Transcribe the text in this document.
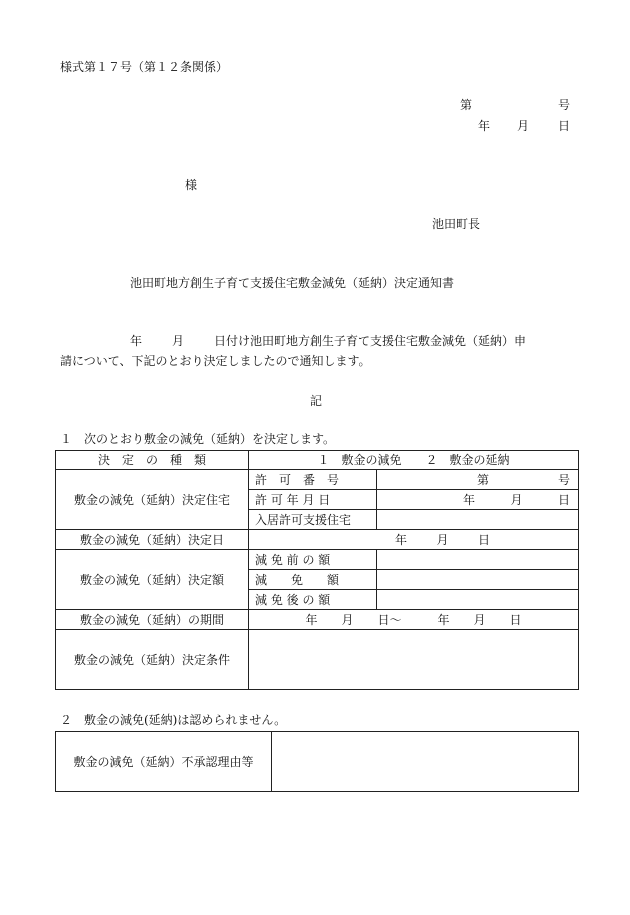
様式第１７号（第１２条関係）
第	号
年 月 日
様
池田町長
池田町地方創生子育て支援住宅敷金減免（延納）決定通知書
年 月 日付け池田町地方創生子育て支援住宅敷金減免（延納）申
請について、下記のとおり決定しましたので通知します。
記
１　次のとおり敷金の減免（延納）を決定します。
決　定　の　種　類	１　敷金の減免　　２　敷金の延納	
敷金の減免（延納）決定住宅	許　可　番　号	第 号

	許 可 年 月 日	年 月 日

	入居許可支援住宅	
敷金の減免（延納）決定日	年 月 日	

敷金の減免（延納）決定額	減 免 前 の 額	
	減　　免　　額	
	減 免 後 の 額	
敷金の減免（延納）の期間	年　　月　　日～　　　年　　月　　日	
敷金の減免（延納）決定条件		
２　敷金の減免(延納)は認められません。
敷金の減免（延納）不承認理由等	
